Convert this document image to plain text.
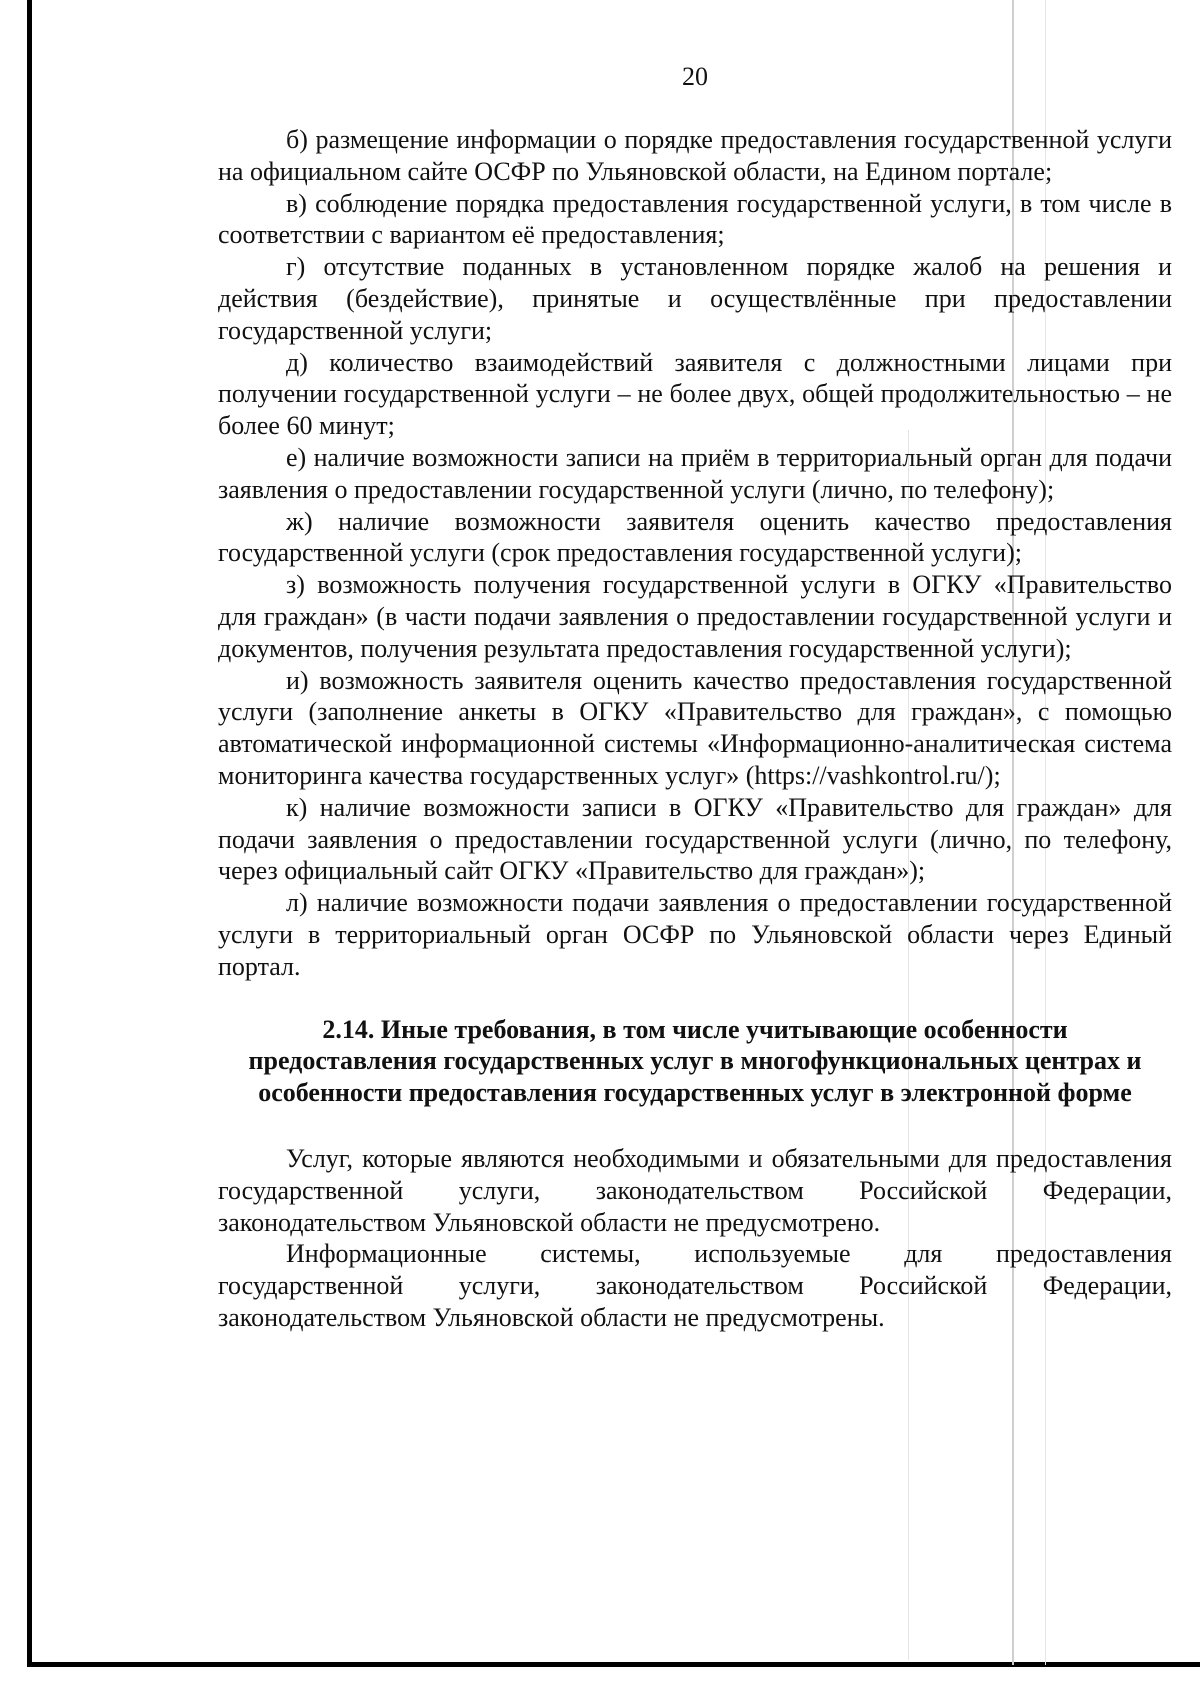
20

б) размещение информации о порядке предоставления государственной услуги на официальном сайте ОСФР по Ульяновской области, на Едином портале;

в) соблюдение порядка предоставления государственной услуги, в том числе в соответствии с вариантом её предоставления;

г) отсутствие поданных в установленном порядке жалоб на решения и действия (бездействие), принятые и осуществлённые при предоставлении государственной услуги;

д) количество взаимодействий заявителя с должностными лицами при получении государственной услуги – не более двух, общей продолжительностью – не более 60 минут;

е) наличие возможности записи на приём в территориальный орган для подачи заявления о предоставлении государственной услуги (лично, по телефону);

ж) наличие возможности заявителя оценить качество предоставления государственной услуги (срок предоставления государственной услуги);

з) возможность получения государственной услуги в ОГКУ «Правительство для граждан» (в части подачи заявления о предоставлении государственной услуги и документов, получения результата предоставления государственной услуги);

и) возможность заявителя оценить качество предоставления государственной услуги (заполнение анкеты в ОГКУ «Правительство для граждан», с помощью автоматической информационной системы «Информационно-аналитическая система мониторинга качества государственных услуг» (https://vashkontrol.ru/);

к) наличие возможности записи в ОГКУ «Правительство для граждан» для подачи заявления о предоставлении государственной услуги (лично, по телефону, через официальный сайт ОГКУ «Правительство для граждан»);

л) наличие возможности подачи заявления о предоставлении государственной услуги в территориальный орган ОСФР по Ульяновской области через Единый портал.

2.14. Иные требования, в том числе учитывающие особенности предоставления государственных услуг в многофункциональных центрах и особенности предоставления государственных услуг в электронной форме

Услуг, которые являются необходимыми и обязательными для предоставления государственной услуги, законодательством Российской Федерации, законодательством Ульяновской области не предусмотрено.

Информационные системы, используемые для предоставления государственной услуги, законодательством Российской Федерации, законодательством Ульяновской области не предусмотрены.
